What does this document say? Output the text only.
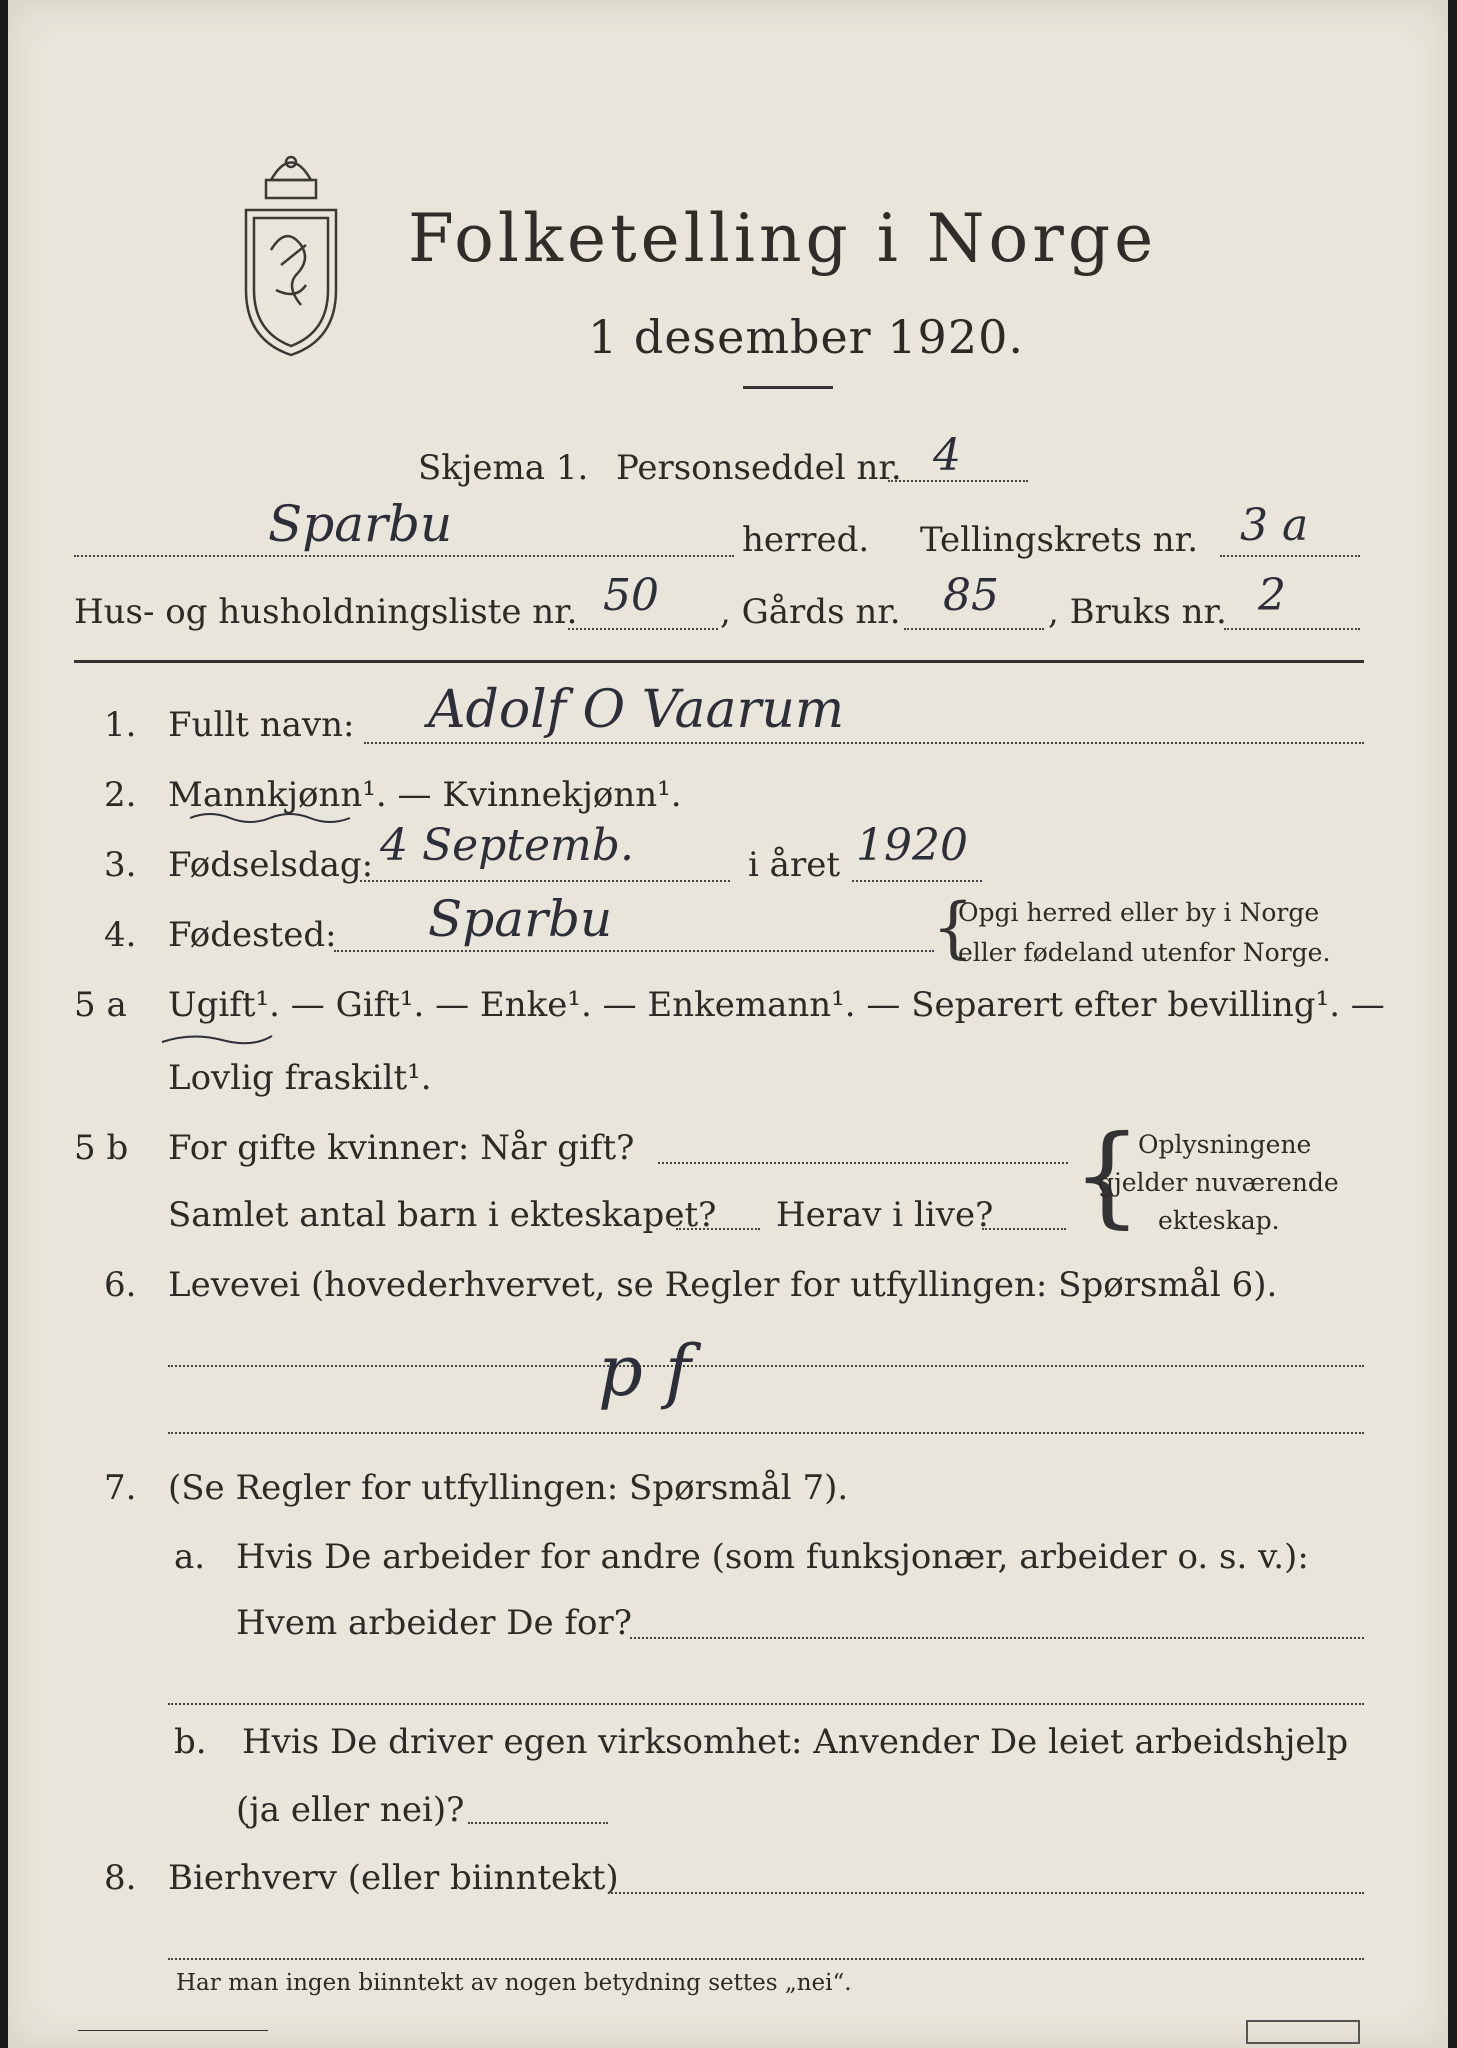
Folketelling i Norge
1 desember 1920.
Skjema 1. Personseddel nr. 4
Sparbu	herred. Tellingskrets nr. 3 a
Hus- og husholdningsliste nr. 50 , Gårds nr. 85 , Bruks nr. 2
1. Fullt navn: Adolf O Vaarum
2. Mannkjønn¹. — Kvinnekjønn¹.
3. Fødselsdag: 4 Septemb.	i året 1920
4. Fødested: Sparbu	{
Opgi herred eller by i Norge
eller fødeland utenfor Norge.
5 a Ugift¹. — Gift¹. — Enke¹. — Enkemann¹. — Separert efter bevilling¹. —
Lovlig fraskilt¹.
5 b For gifte kvinner: Når gift?
Samlet antal barn i ekteskapet? Herav i live? {
Oplysningene
gjelder nuværende
ekteskap.
6. Levevei (hovederhvervet, se Regler for utfyllingen: Spørsmål 6).
p f
7. (Se Regler for utfyllingen: Spørsmål 7).
a. Hvis De arbeider for andre (som funksjonær, arbeider o. s. v.):
Hvem arbeider De for?
b. Hvis De driver egen virksomhet: Anvender De leiet arbeidshjelp
(ja eller nei)?
8. Bierhverv (eller biinntekt)
Har man ingen biinntekt av nogen betydning settes „nei“.
